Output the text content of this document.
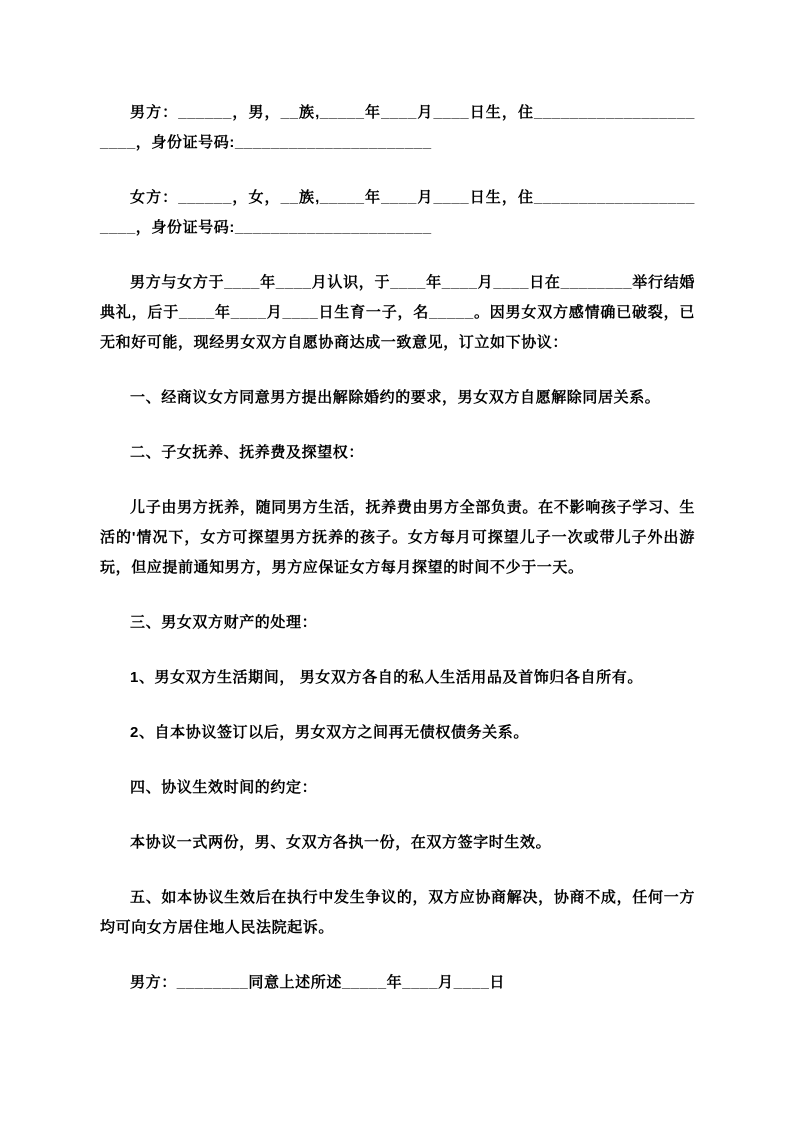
男方：______，男，__族,_____年____月____日生，住______________________，身份证号码:______________________

女方：______，女，__族,_____年____月____日生，住______________________，身份证号码:______________________

男方与女方于____年____月认识，于____年____月____日在________举行结婚典礼，后于____年____月____日生育一子，名_____。因男女双方感情确已破裂，已无和好可能，现经男女双方自愿协商达成一致意见，订立如下协议：

一、经商议女方同意男方提出解除婚约的要求，男女双方自愿解除同居关系。

二、子女抚养、抚养费及探望权：

儿子由男方抚养，随同男方生活，抚养费由男方全部负责。在不影响孩子学习、生活的'情况下，女方可探望男方抚养的孩子。女方每月可探望儿子一次或带儿子外出游玩，但应提前通知男方，男方应保证女方每月探望的时间不少于一天。

三、男女双方财产的处理：

1、男女双方生活期间， 男女双方各自的私人生活用品及首饰归各自所有。

2、自本协议签订以后，男女双方之间再无债权债务关系。

四、协议生效时间的约定：

本协议一式两份，男、女双方各执一份，在双方签字时生效。

五、如本协议生效后在执行中发生争议的，双方应协商解决，协商不成，任何一方均可向女方居住地人民法院起诉。

男方：________同意上述所述_____年____月____日
